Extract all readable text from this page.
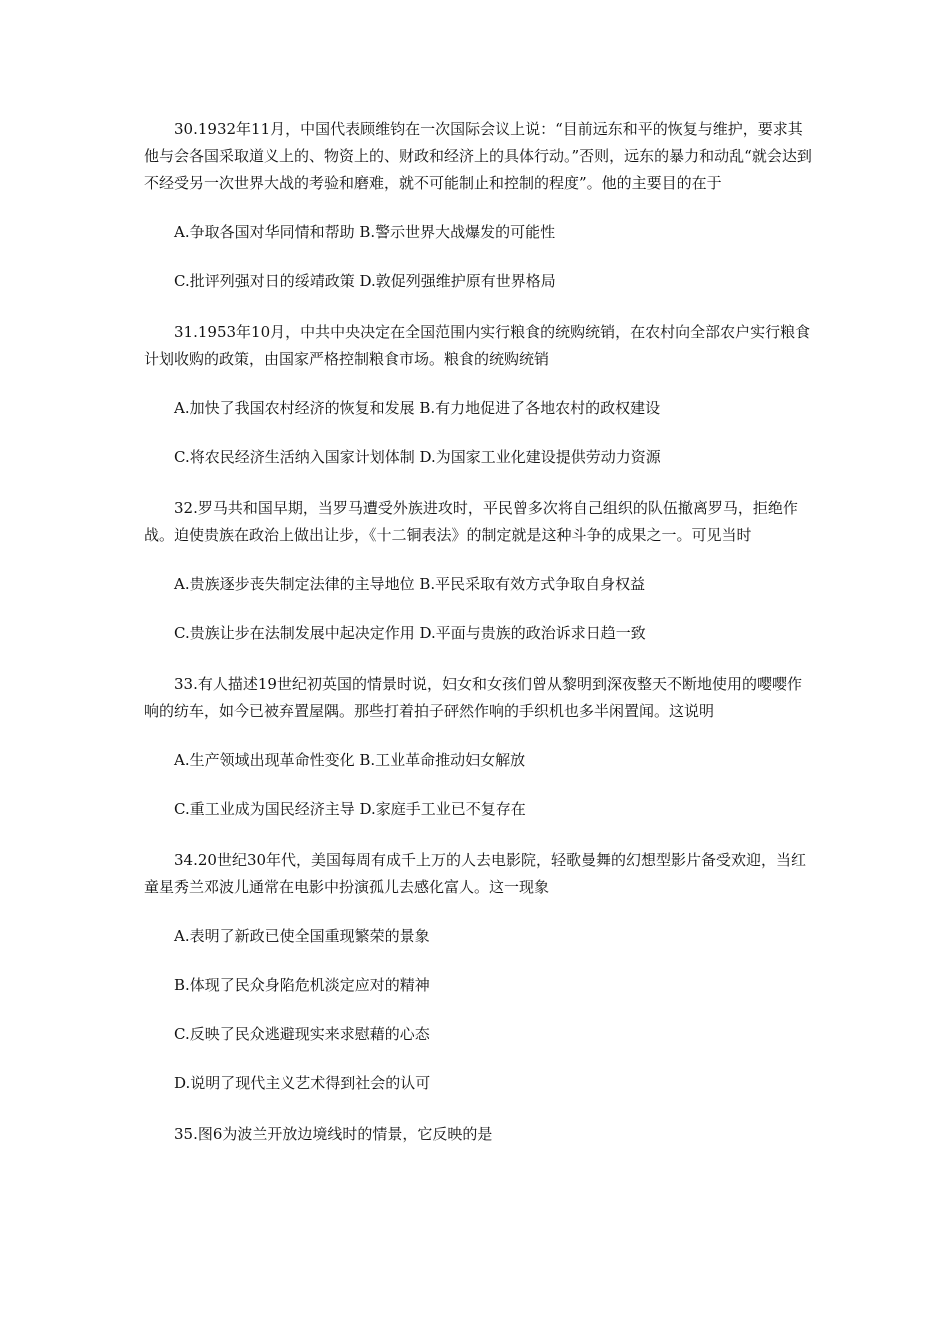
30.1932年11月，中国代表顾维钧在一次国际会议上说：“目前远东和平的恢复与维护，要求其他与会各国采取道义上的、物资上的、财政和经济上的具体行动。”否则，远东的暴力和动乱“就会达到不经受另一次世界大战的考验和磨难，就不可能制止和控制的程度”。他的主要目的在于

A.争取各国对华同情和帮助 B.警示世界大战爆发的可能性

C.批评列强对日的绥靖政策 D.敦促列强维护原有世界格局

31.1953年10月，中共中央决定在全国范围内实行粮食的统购统销，在农村向全部农户实行粮食计划收购的政策，由国家严格控制粮食市场。粮食的统购统销

A.加快了我国农村经济的恢复和发展 B.有力地促进了各地农村的政权建设

C.将农民经济生活纳入国家计划体制 D.为国家工业化建设提供劳动力资源

32.罗马共和国早期，当罗马遭受外族进攻时，平民曾多次将自己组织的队伍撤离罗马，拒绝作战。迫使贵族在政治上做出让步，《十二铜表法》的制定就是这种斗争的成果之一。可见当时

A.贵族逐步丧失制定法律的主导地位 B.平民采取有效方式争取自身权益

C.贵族让步在法制发展中起决定作用 D.平面与贵族的政治诉求日趋一致

33.有人描述19世纪初英国的情景时说，妇女和女孩们曾从黎明到深夜整天不断地使用的嘤嘤作响的纺车，如今已被弃置屋隅。那些打着拍子砰然作响的手织机也多半闲置闻。这说明

A.生产领域出现革命性变化 B.工业革命推动妇女解放

C.重工业成为国民经济主导 D.家庭手工业已不复存在

34.20世纪30年代，美国每周有成千上万的人去电影院，轻歌曼舞的幻想型影片备受欢迎，当红童星秀兰邓波儿通常在电影中扮演孤儿去感化富人。这一现象

A.表明了新政已使全国重现繁荣的景象

B.体现了民众身陷危机淡定应对的精神

C.反映了民众逃避现实来求慰藉的心态

D.说明了现代主义艺术得到社会的认可

35.图6为波兰开放边境线时的情景，它反映的是
